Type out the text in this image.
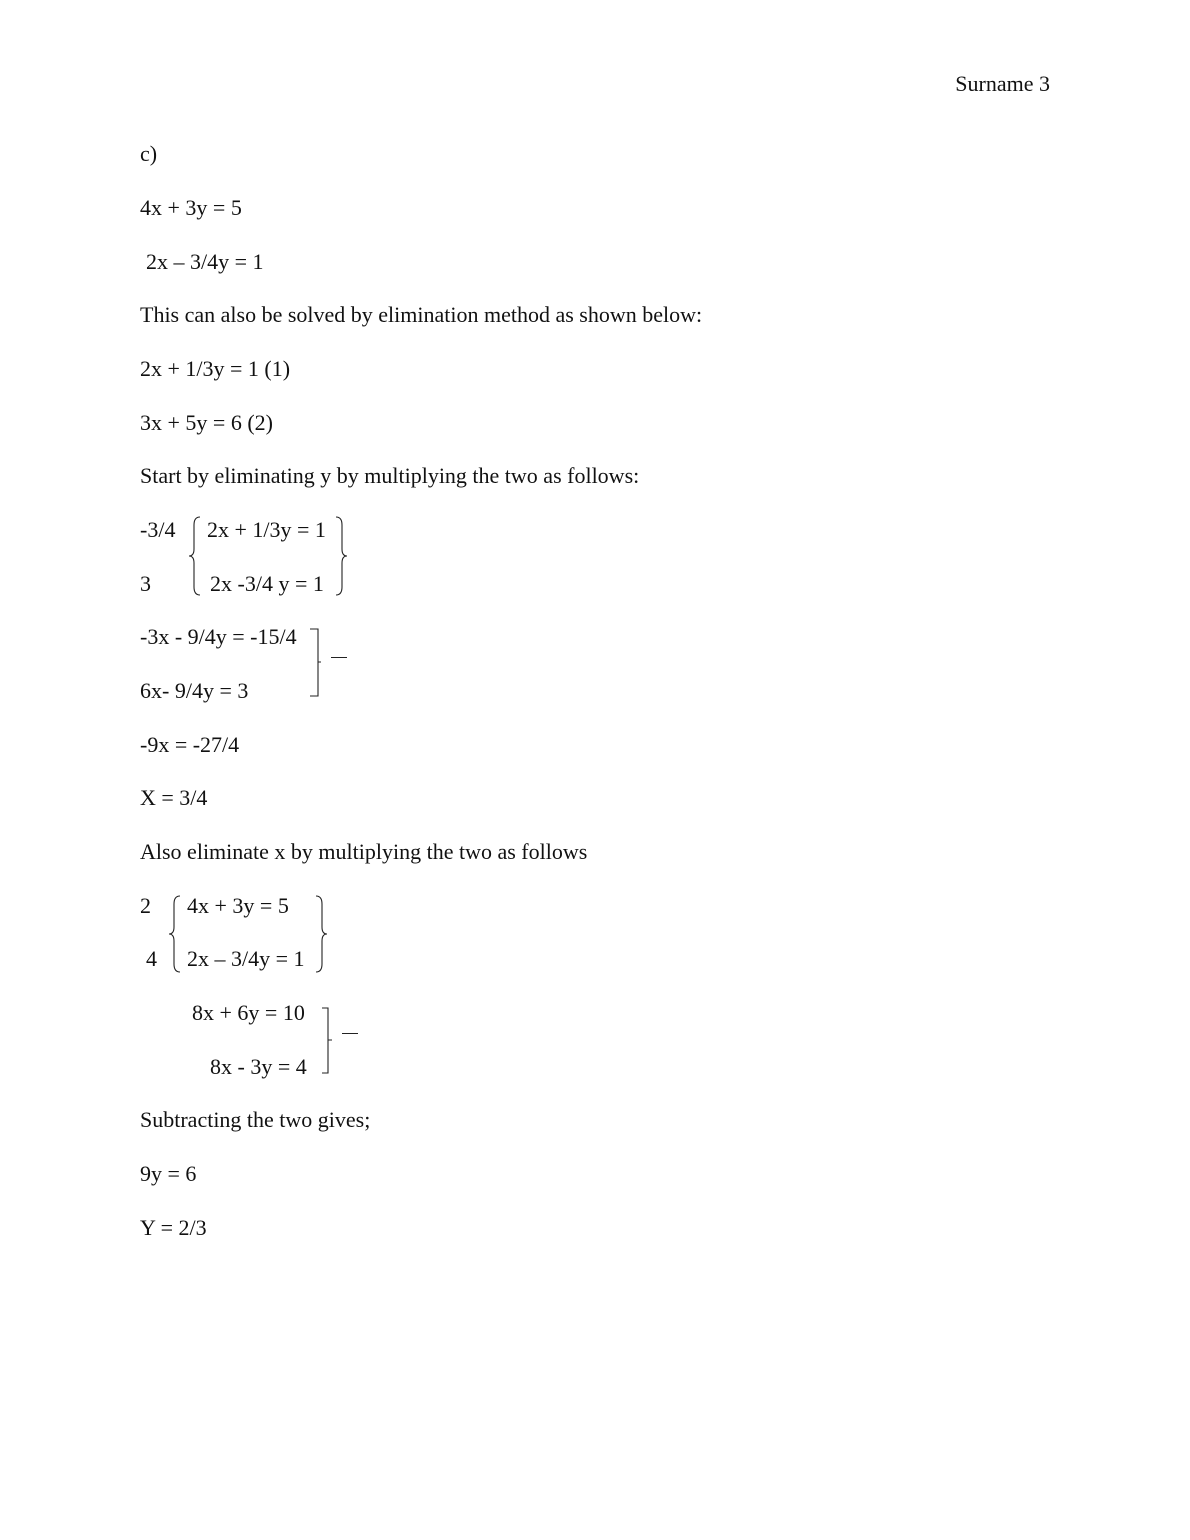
Surname 3
c)
4x + 3y = 5
2x – 3/4y = 1
This can also be solved by elimination method as shown below:
2x + 1/3y = 1 (1)
3x + 5y = 6 (2)
Start by eliminating y by multiplying the two as follows:
-3/4
3
2x + 1/3y = 1
2x -3/4 y = 1
-3x - 9/4y = -15/4
6x- 9/4y = 3
-9x = -27/4
X = 3/4
Also eliminate x by multiplying the two as follows
2
4
4x + 3y = 5
2x – 3/4y = 1
8x + 6y = 10
8x - 3y = 4
Subtracting the two gives;
9y = 6
Y = 2/3
